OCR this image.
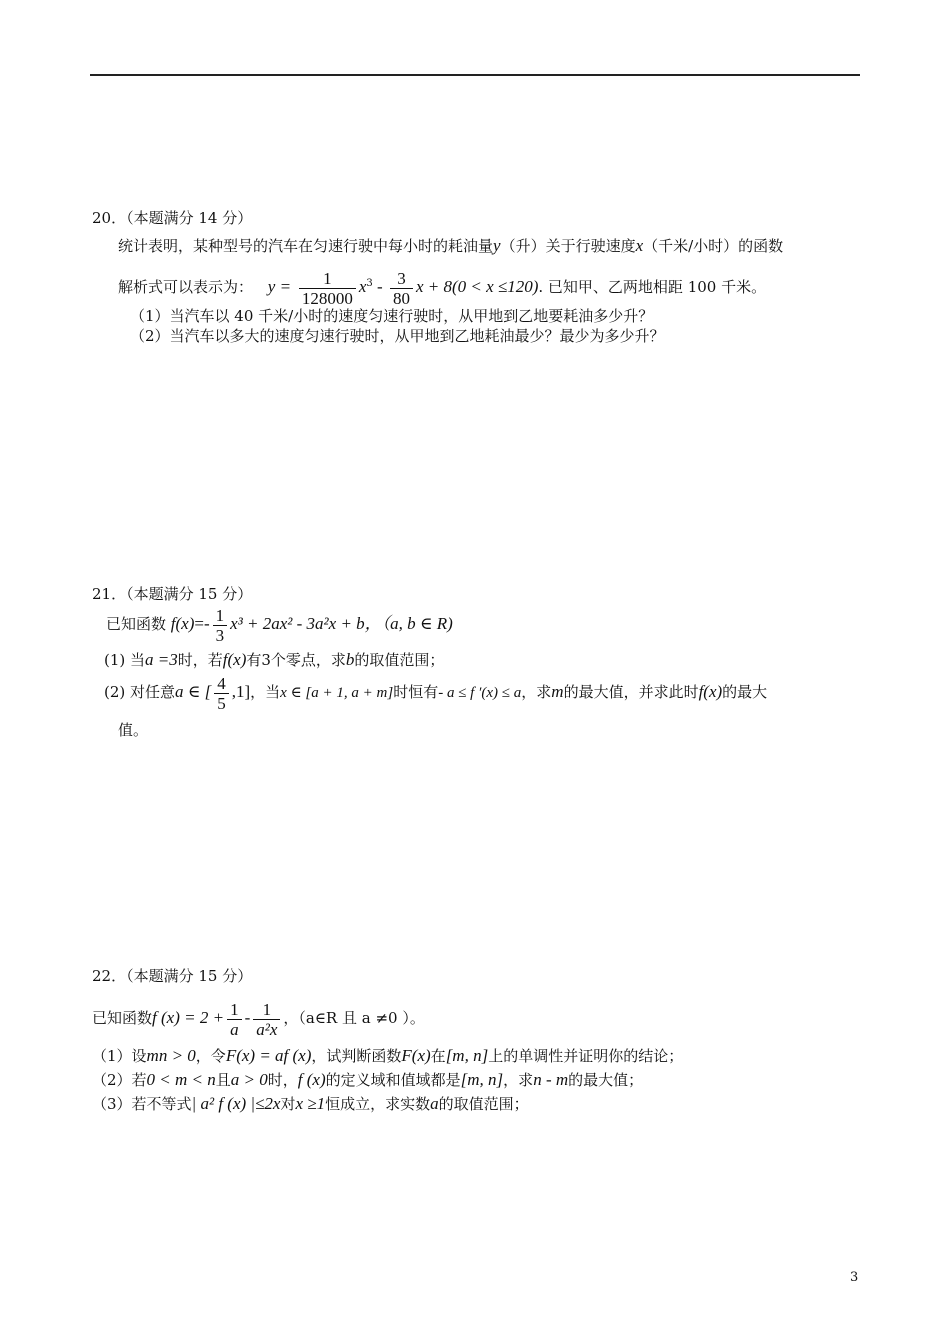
20．（本题满分 14 分）
统计表明，某种型号的汽车在匀速行驶中每小时的耗油量y（升）关于行驶速度x（千米/小时）的函数
解析式可以表示为： $y = \frac{1}{128000} x^3 - \frac{3}{80}$ x + 8(0 < x ≤120). 已知甲、乙两地相距 100 千米。
（1）当汽车以 40 千米/小时的速度匀速行驶时，从甲地到乙地要耗油多少升？
（2）当汽车以多大的速度匀速行驶时，从甲地到乙地耗油最少？最少为多少升？
21．（本题满分 15 分）
已知函数 $f(x)=- \frac{1}{3} x^3 + 2ax^2 - 3a^2x + b$，（a, b ∈ R)
(1) 当a =3时，若f(x)有3个零点，求b的取值范围；
(2) 对任意a ∈ [ $\frac{4}{5} ,1$]，当x ∈ [a + 1, a + m]时恒有- a ≤ f ′(x) ≤ a，求m的最大值，并求此时f(x)的最大
值。
22．（本题满分 15 分）
已知函数f $(x) = 2 + \frac{1}{a} - \frac{1}{\text{a²x}}$ ，（a∈R 且 a ≠0 ）。
（1）设mn > 0，令F(x) = af (x)，试判断函数F(x)在[m, n]上的单调性并证明你的结论；
（2）若0 < m < n且a > 0时，f (x)的定义域和值域都是[m, n]，求n - m的最大值；
（3）若不等式| a² f (x) |≤2x对x ≥1恒成立，求实数a的取值范围；
3
